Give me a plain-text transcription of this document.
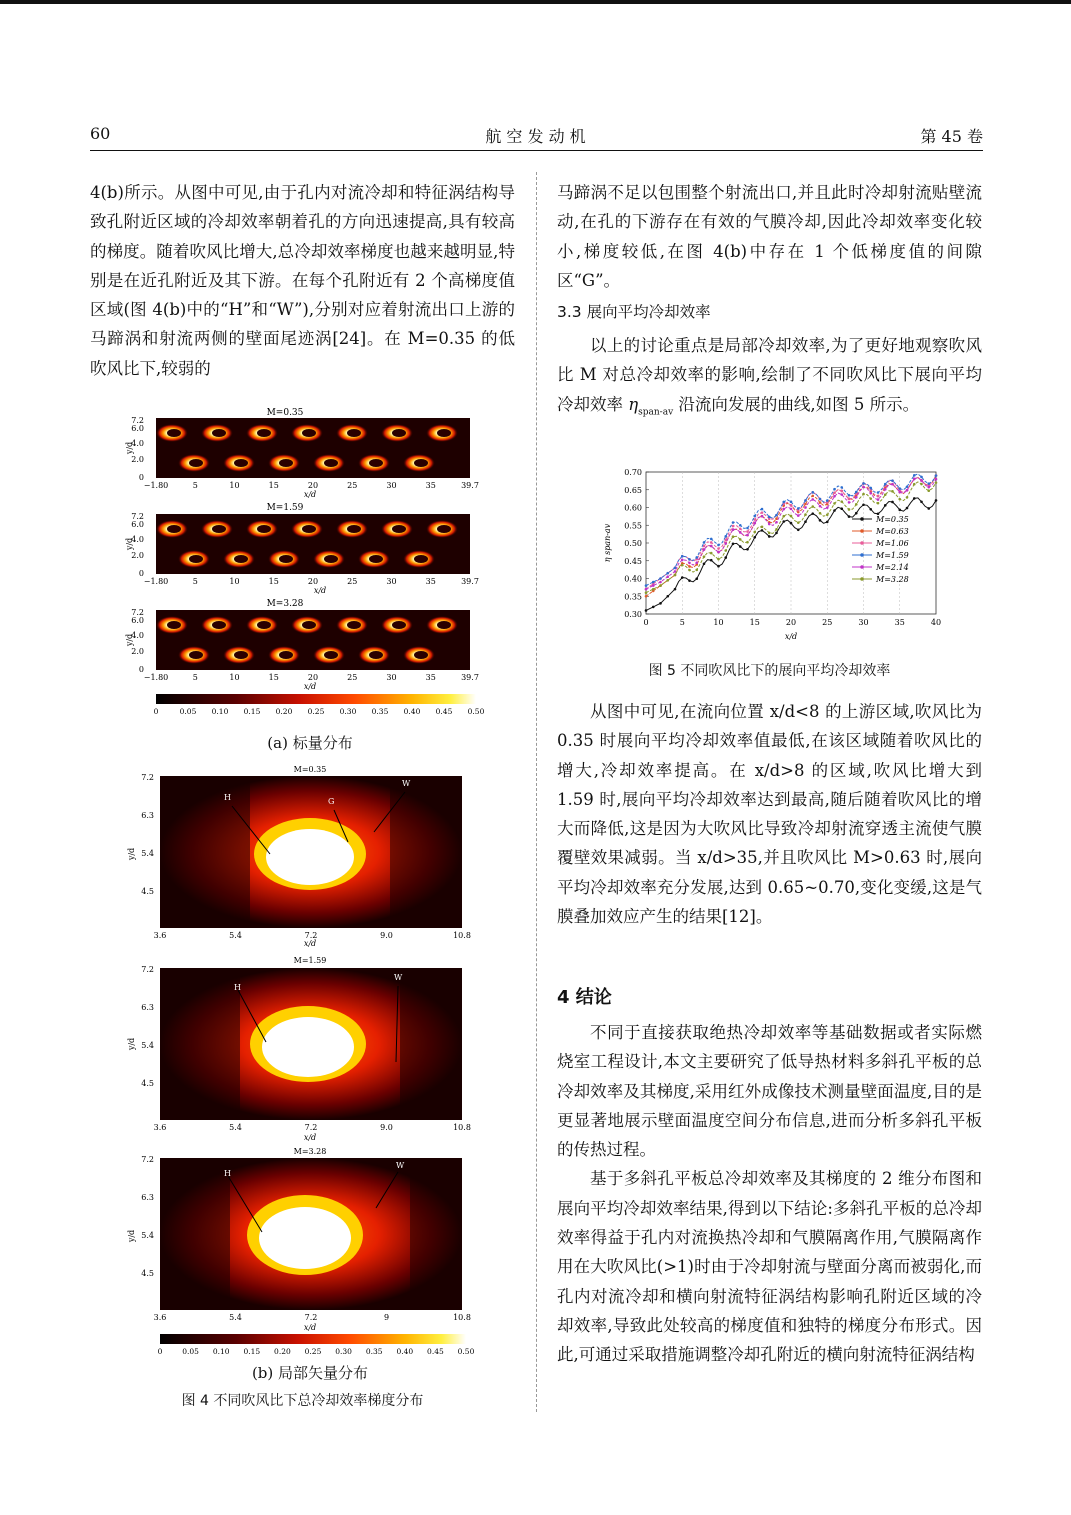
60	航 空 发 动 机	第 45 卷

4(b)所示。从图中可见,由于孔内对流冷却和特征涡结构导致孔附近区域的冷却效率朝着孔的方向迅速提高,具有较高的梯度。随着吹风比增大,总冷却效率梯度也越来越明显,特别是在近孔附近及其下游。在每个孔附近有 2 个高梯度值区域(图 4(b)中的“H”和“W”),分别对应着射流出口上游的马蹄涡和射流两侧的壁面尾迹涡[24]。在 M=0.35 的低吹风比下,较弱的

M=0.35
7.2
6.0
4.0
2.0
0
y/d
−1.80	5	10	15	20	25	30	35	39.7
x/d
M=1.59
7.2
6.0
4.0
2.0
0
y/d
−1.80	5	10	15	20	25	30	35	39.7
x/d
M=3.28
7.2
6.0
4.0
2.0
0
y/d
−1.80	5	10	15	20	25	30	35	39.7
x/d
0	0.05 0.10 0.15 0.20 0.25 0.30 0.35 0.40 0.45 0.50
M=0.35
H	G
W
7.2
6.3
5.4
4.5
y/d
3.6	5.4	7.2	9.0	10.8
x/d
M=1.59
H
W
7.2
6.3
5.4
4.5
y/d
3.6	5.4	7.2	9.0	10.8
x/d
M=3.28
H
W
7.2
6.3
5.4
4.5
y/d
3.6	5.4	7.2	9	10.8
x/d
0	0.05 0.10 0.15 0.20 0.25 0.30 0.35 0.40 0.45 0.50
(a) 标量分布
(b) 局部矢量分布
图 4 不同吹风比下总冷却效率梯度分布

马蹄涡不足以包围整个射流出口,并且此时冷却射流贴壁流动,在孔的下游存在有效的气膜冷却,因此冷却效率变化较小,梯度较低,在图 4(b)中存在 1 个低梯度值的间隙区“G”。

3.3 展向平均冷却效率

以上的讨论重点是局部冷却效率,为了更好地观察吹风比 M 对总冷却效率的影响,绘制了不同吹风比下展向平均冷却效率 $\eta_{span-av}$ 沿流向发展的曲线,如图 5 所示。

0.70
0.65
0.60
0.55
0.50
0.45
0.40
0.35
0.30
0	5	10	15	20	25	30	35	40
x/d
η span-av
M=0.35
M=0.63
M=1.06
M=1.59
M=2.14
M=3.28
图 5 不同吹风比下的展向平均冷却效率

从图中可见,在流向位置 x/d<8 的上游区域,吹风比为 0.35 时展向平均冷却效率值最低,在该区域随着吹风比的增大,冷却效率提高。在 x/d>8 的区域,吹风比增大到 1.59 时,展向平均冷却效率达到最高,随后随着吹风比的增大而降低,这是因为大吹风比导致冷却射流穿透主流使气膜覆壁效果减弱。当 x/d>35,并且吹风比 M>0.63 时,展向平均冷却效率充分发展,达到 0.65~0.70,变化变缓,这是气膜叠加效应产生的结果[12]。

4 结论

不同于直接获取绝热冷却效率等基础数据或者实际燃烧室工程设计,本文主要研究了低导热材料多斜孔平板的总冷却效率及其梯度,采用红外成像技术测量壁面温度,目的是更显著地展示壁面温度空间分布信息,进而分析多斜孔平板的传热过程。

基于多斜孔平板总冷却效率及其梯度的 2 维分布图和展向平均冷却效率结果,得到以下结论:多斜孔平板的总冷却效率得益于孔内对流换热冷却和气膜隔离作用,气膜隔离作用在大吹风比(>1)时由于冷却射流与壁面分离而被弱化,而孔内对流冷却和横向射流特征涡结构影响孔附近区域的冷却效率,导致此处较高的梯度值和独特的梯度分布形式。因此,可通过采取措施调整冷却孔附近的横向射流特征涡结构
